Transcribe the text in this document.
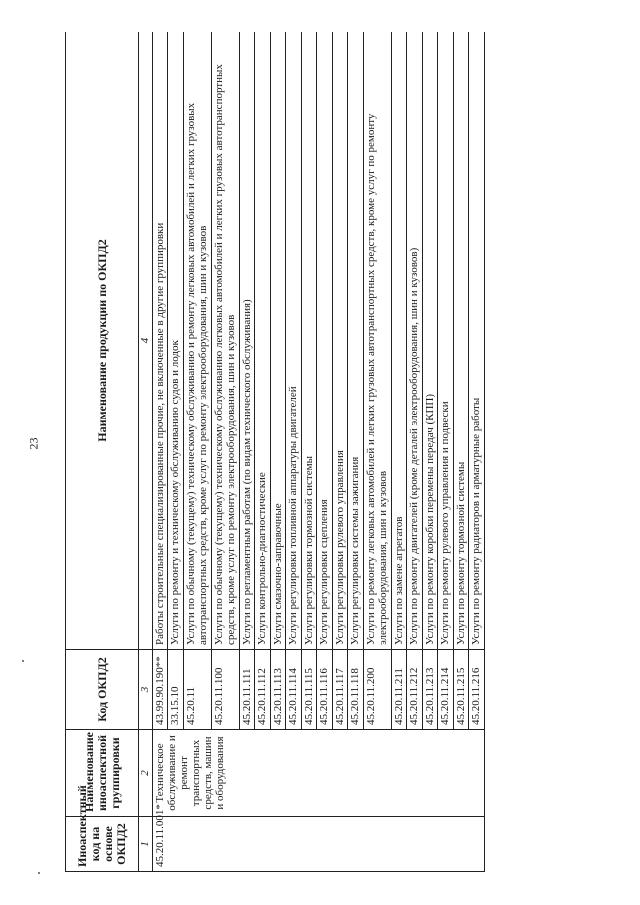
23
Иноаспектный код на основе ОКПД2	Наименование иноаспектной группировки	Код ОКПД2	Наименование продукции по ОКПД2
1	2	3	4
45.20.11.001*	Техническое обслуживание и ремонт транспортных средств, машин и оборудования	43.99.90.190**	Работы строительные специализированные прочие, не включенные в другие группировки
		33.15.10	Услуги по ремонту и техническому обслуживанию судов и лодок
		45.20.11	Услуги по обычному (текущему) техническому обслуживанию и ремонту легковых автомобилей и легких грузовых автотранспортных средств, кроме услуг по ремонту электрооборудования, шин и кузовов
		45.20.11.100	Услуги по обычному (текущему) техническому обслуживанию легковых автомобилей и легких грузовых автотранспортных средств, кроме услуг по ремонту электрооборудования, шин и кузовов
		45.20.11.111	Услуги по регламентным работам (по видам технического обслуживания)
		45.20.11.112	Услуги контрольно-диагностические
		45.20.11.113	Услуги смазочно-заправочные
		45.20.11.114	Услуги регулировки топливной аппаратуры двигателей
		45.20.11.115	Услуги регулировки тормозной системы
		45.20.11.116	Услуги регулировки сцепления
		45.20.11.117	Услуги регулировки рулевого управления
		45.20.11.118	Услуги регулировки системы зажигания
		45.20.11.200	Услуги по ремонту легковых автомобилей и легких грузовых автотранспортных средств, кроме услуг по ремонту электрооборудования, шин и кузовов
		45.20.11.211	Услуги по замене агрегатов
		45.20.11.212	Услуги по ремонту двигателей (кроме деталей электрооборудования, шин и кузовов)
		45.20.11.213	Услуги по ремонту коробки перемены передач (КПП)
		45.20.11.214	Услуги по ремонту рулевого управления и подвески
		45.20.11.215	Услуги по ремонту тормозной системы
		45.20.11.216	Услуги по ремонту радиаторов и арматурные работы
